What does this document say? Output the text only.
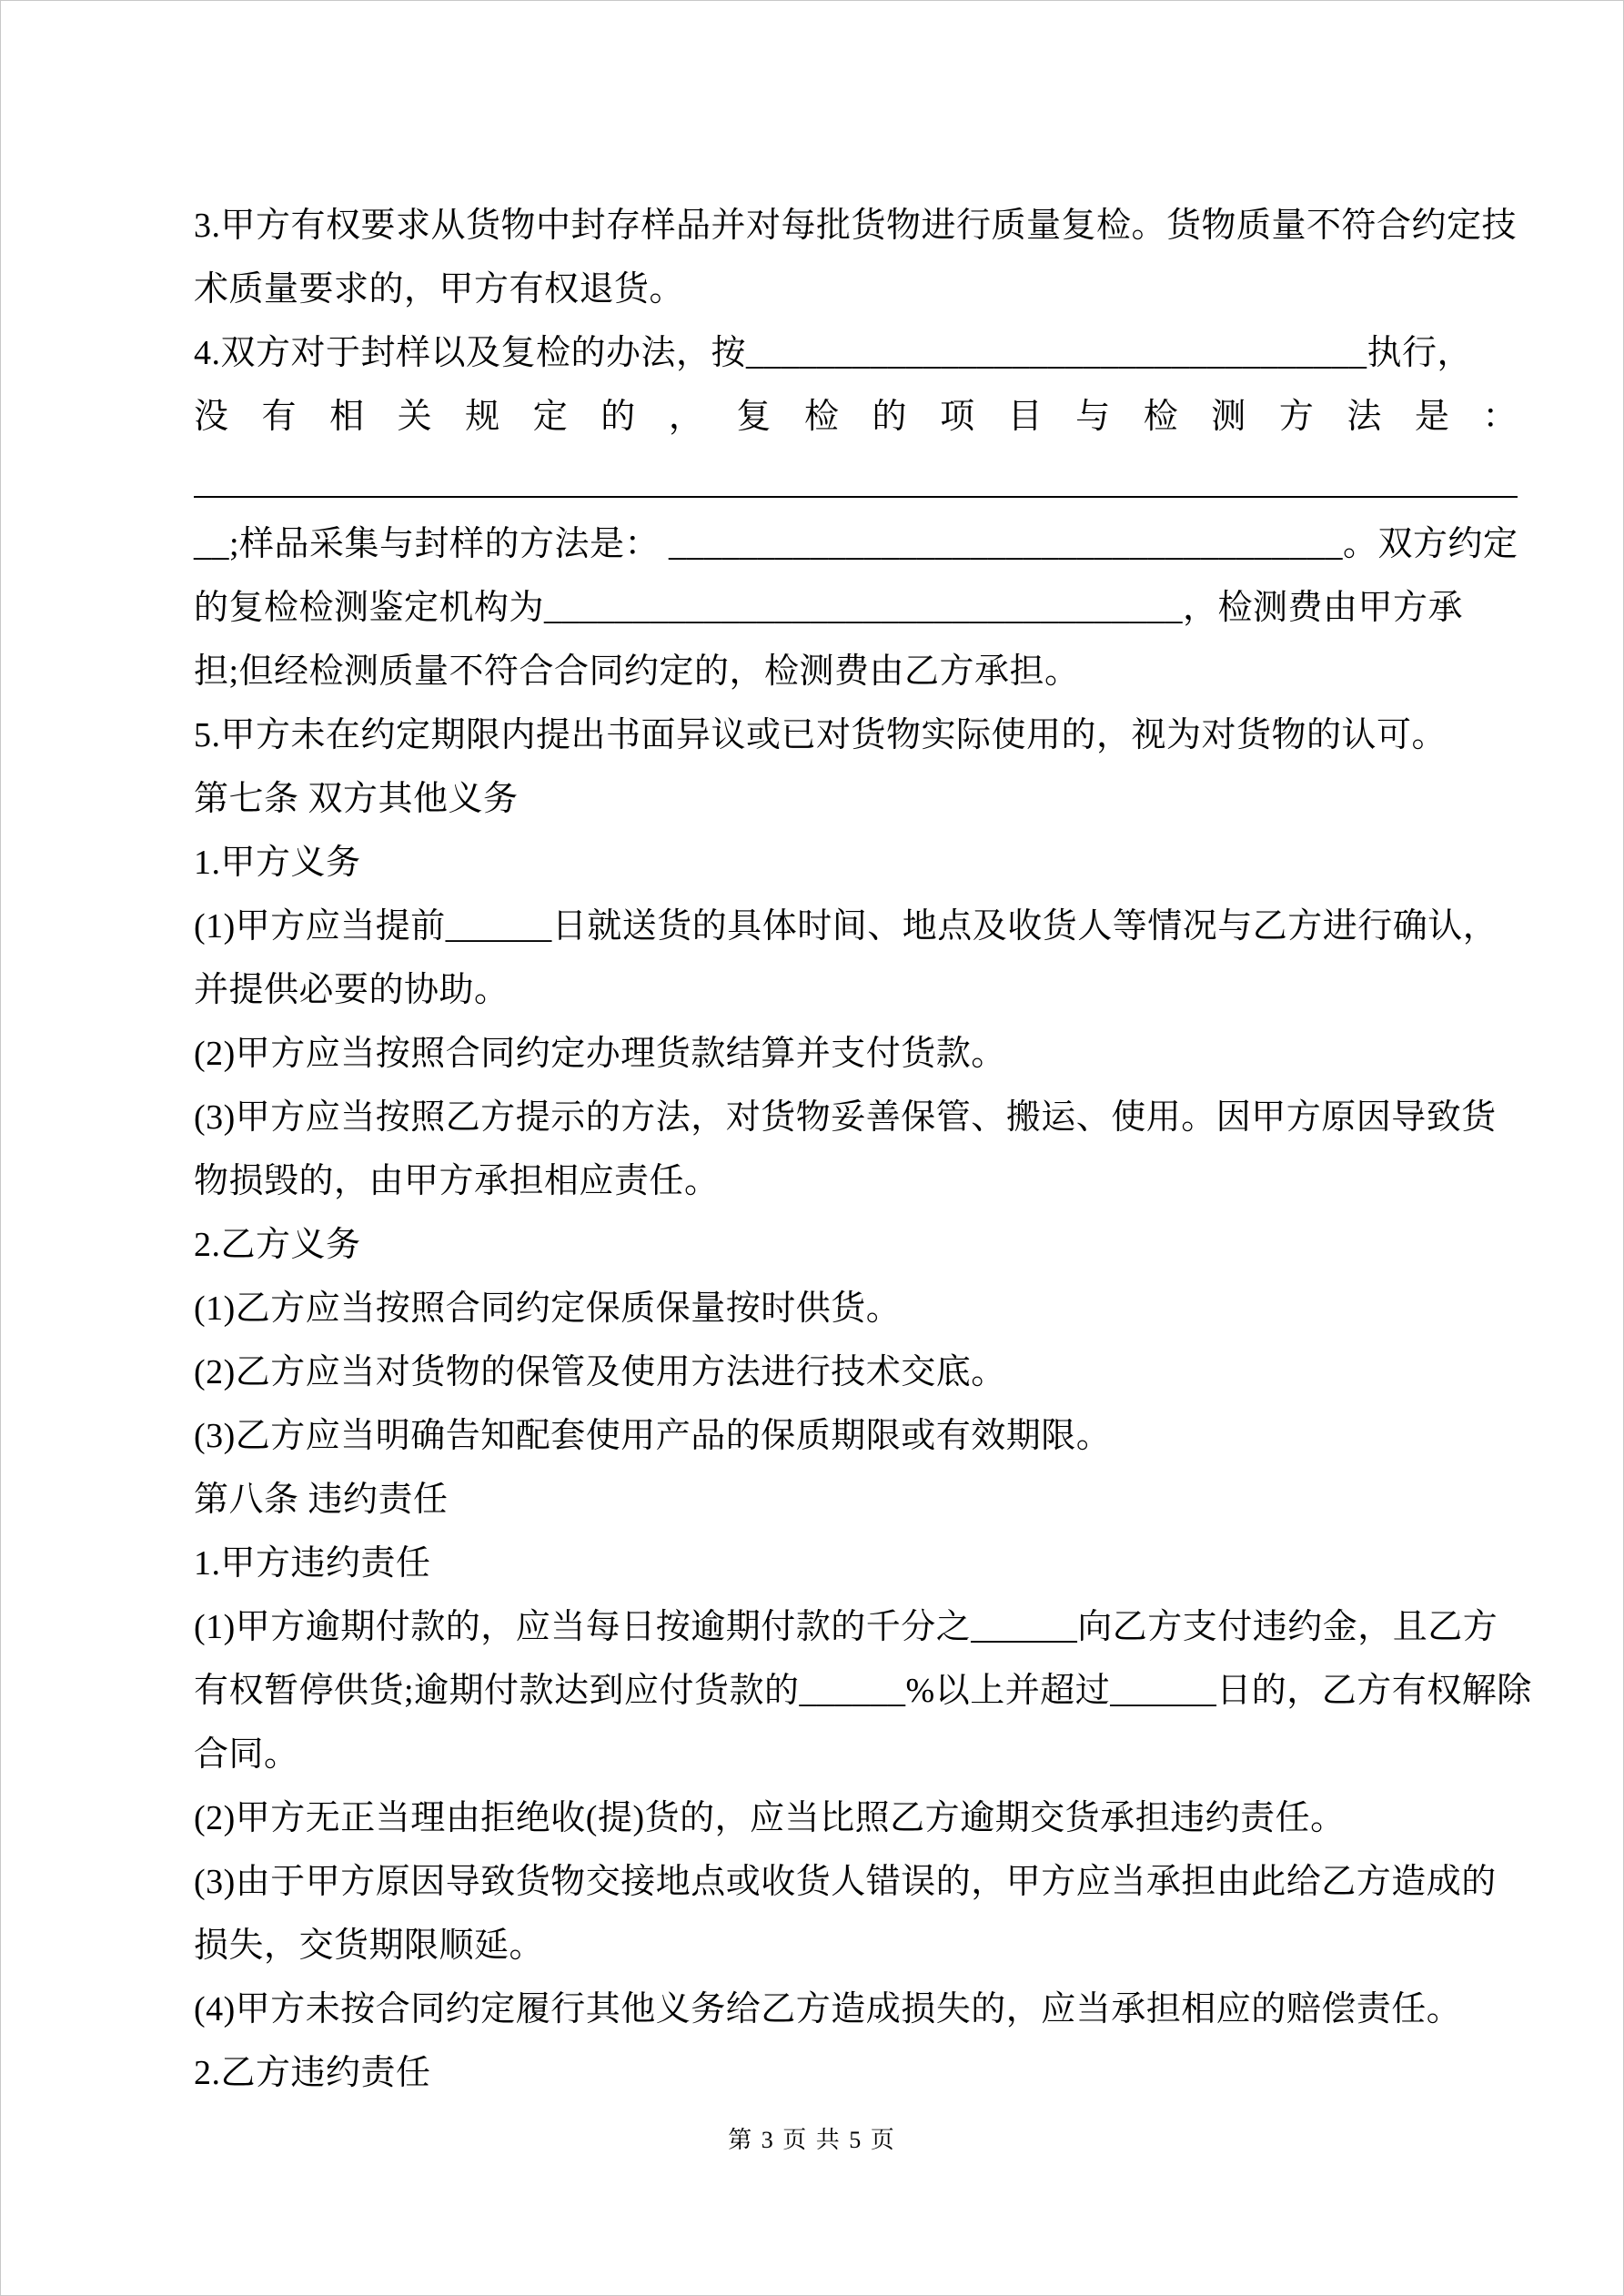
3.甲方有权要求从货物中封存样品并对每批货物进行质量复检。货物质量不符合约定技
术质量要求的，甲方有权退货。
4.双方对于封样以及复检的办法，按___________________________________执行，
没有相关规定的，复检的项目与检测方法是：
__;样品采集与封样的方法是： ______________________________________。双方约定
的复检检测鉴定机构为____________________________________，检测费由甲方承
担;但经检测质量不符合合同约定的，检测费由乙方承担。
5.甲方未在约定期限内提出书面异议或已对货物实际使用的，视为对货物的认可。
第七条 双方其他义务
1.甲方义务
(1)甲方应当提前______日就送货的具体时间、地点及收货人等情况与乙方进行确认，
并提供必要的协助。
(2)甲方应当按照合同约定办理货款结算并支付货款。
(3)甲方应当按照乙方提示的方法，对货物妥善保管、搬运、使用。因甲方原因导致货
物损毁的，由甲方承担相应责任。
2.乙方义务
(1)乙方应当按照合同约定保质保量按时供货。
(2)乙方应当对货物的保管及使用方法进行技术交底。
(3)乙方应当明确告知配套使用产品的保质期限或有效期限。
第八条 违约责任
1.甲方违约责任
(1)甲方逾期付款的，应当每日按逾期付款的千分之______向乙方支付违约金，且乙方
有权暂停供货;逾期付款达到应付货款的______%以上并超过______日的，乙方有权解除
合同。
(2)甲方无正当理由拒绝收(提)货的，应当比照乙方逾期交货承担违约责任。
(3)由于甲方原因导致货物交接地点或收货人错误的，甲方应当承担由此给乙方造成的
损失，交货期限顺延。
(4)甲方未按合同约定履行其他义务给乙方造成损失的，应当承担相应的赔偿责任。
2.乙方违约责任
第 3 页 共 5 页
